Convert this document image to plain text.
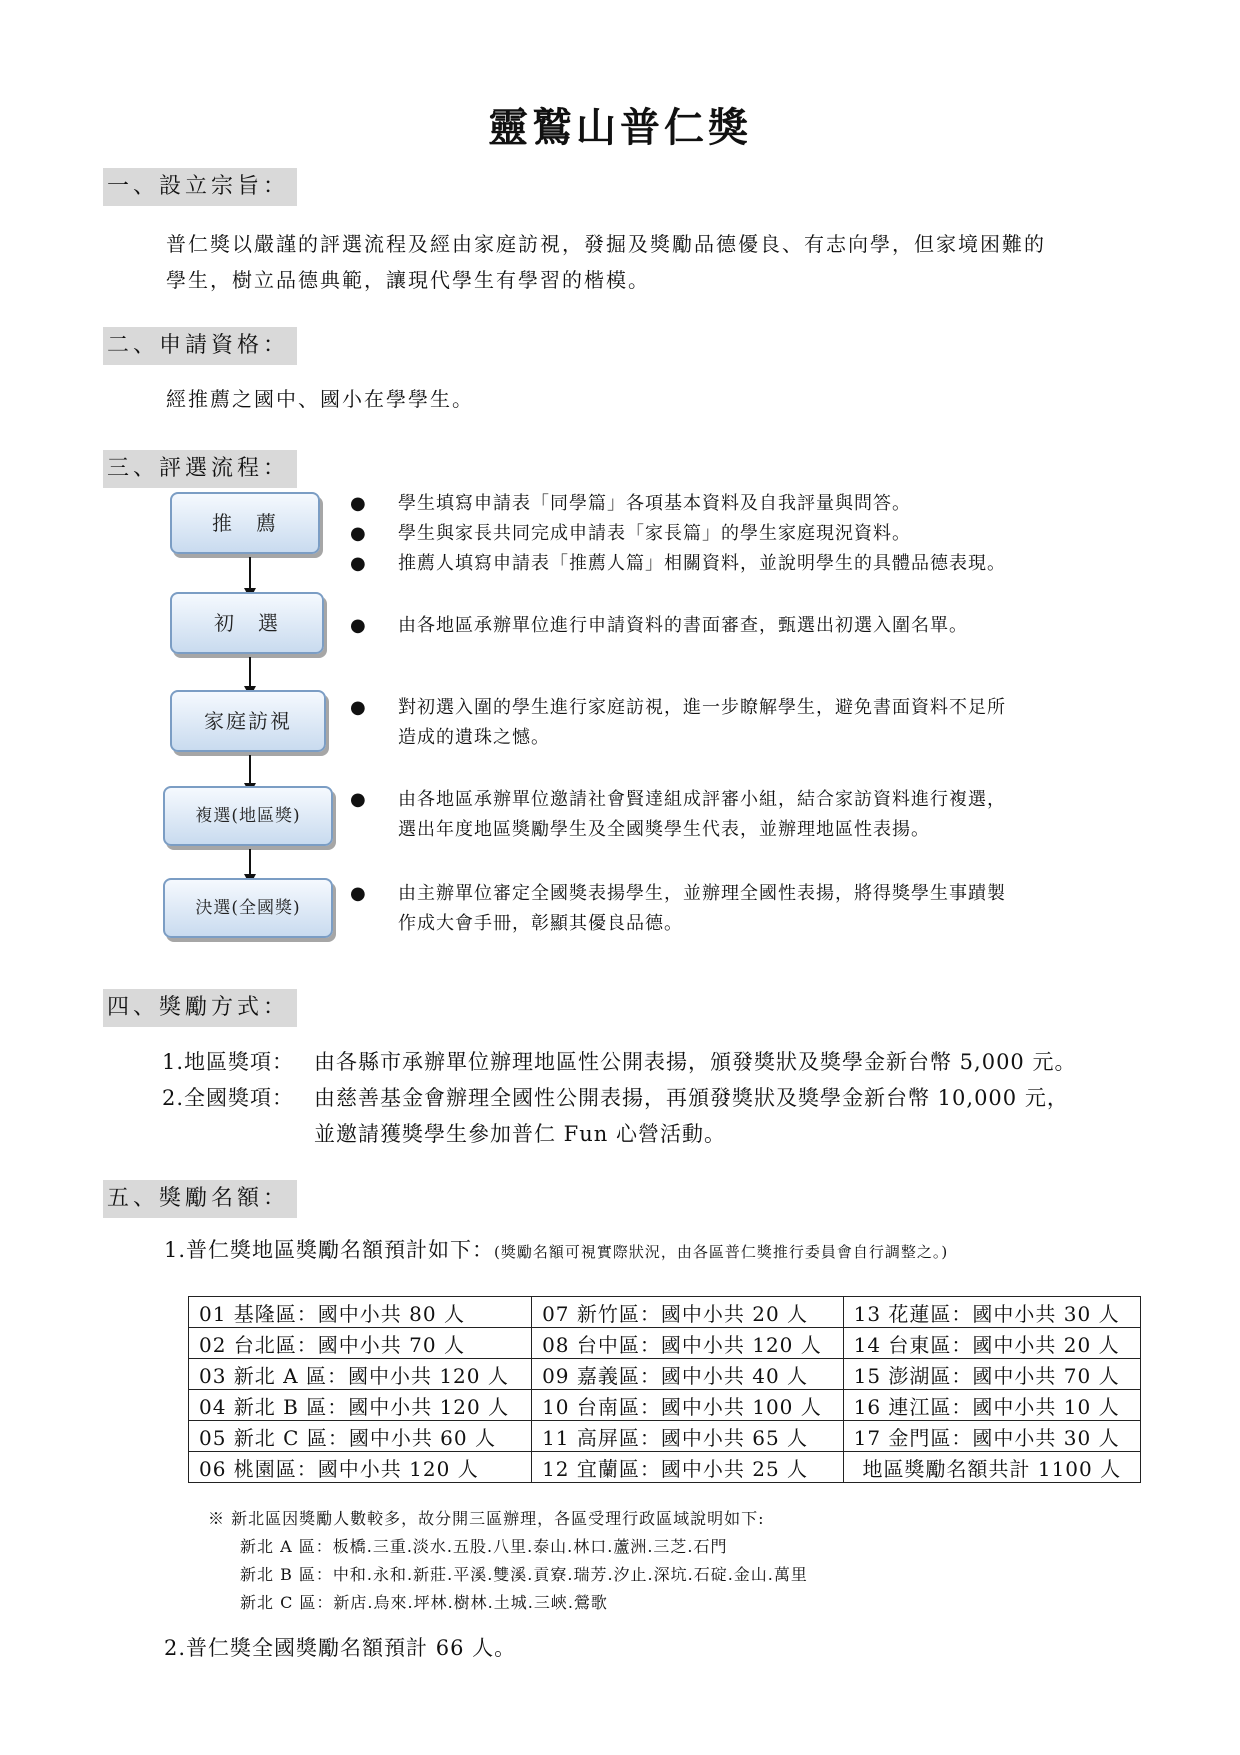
靈鷲山普仁獎
一、設立宗旨：

普仁獎以嚴謹的評選流程及經由家庭訪視，發掘及獎勵品德優良、有志向學，但家境困難的
學生，樹立品德典範，讓現代學生有學習的楷模。

二、申請資格：

經推薦之國中、國小在學學生。

三、評選流程：
推　薦
初　選
家庭訪視
複選(地區獎)
決選(全國獎)
●
●
●

學生填寫申請表「同學篇」各項基本資料及自我評量與問答。
學生與家長共同完成申請表「家長篇」的學生家庭現況資料。
推薦人填寫申請表「推薦人篇」相關資料，並說明學生的具體品德表現。

● 由各地區承辦單位進行申請資料的書面審查，甄選出初選入圍名單。

● 對初選入圍的學生進行家庭訪視，進一步瞭解學生，避免書面資料不足所
造成的遺珠之憾。

● 由各地區承辦單位邀請社會賢達組成評審小組，結合家訪資料進行複選，
選出年度地區獎勵學生及全國獎學生代表，並辦理地區性表揚。

● 由主辦單位審定全國獎表揚學生，並辦理全國性表揚，將得獎學生事蹟製
作成大會手冊，彰顯其優良品德。

四、獎勵方式：

1.地區獎項： 由各縣市承辦單位辦理地區性公開表揚，頒發獎狀及獎學金新台幣 5,000 元。

2.全國獎項： 由慈善基金會辦理全國性公開表揚，再頒發獎狀及獎學金新台幣 10,000 元，
並邀請獲獎學生參加普仁 Fun 心營活動。

五、獎勵名額：

1.普仁獎地區獎勵名額預計如下：(獎勵名額可視實際狀況，由各區普仁獎推行委員會自行調整之。)

01 基隆區：國中小共 80 人	07 新竹區：國中小共 20 人	13 花蓮區：國中小共 30 人
02 台北區：國中小共 70 人	08 台中區：國中小共 120 人	14 台東區：國中小共 20 人
03 新北 A 區：國中小共 120 人	09 嘉義區：國中小共 40 人	15 澎湖區：國中小共 70 人
04 新北 B 區：國中小共 120 人	10 台南區：國中小共 100 人	16 連江區：國中小共 10 人
05 新北 C 區：國中小共 60 人	11 高屏區：國中小共 65 人	17 金門區：國中小共 30 人
06 桃園區：國中小共 120 人	12 宜蘭區：國中小共 25 人	地區獎勵名額共計 1100 人

※ 新北區因獎勵人數較多，故分開三區辦理，各區受理行政區域說明如下:
新北 A 區：板橋.三重.淡水.五股.八里.泰山.林口.蘆洲.三芝.石門
新北 B 區：中和.永和.新莊.平溪.雙溪.貢寮.瑞芳.汐止.深坑.石碇.金山.萬里
新北 C 區：新店.烏來.坪林.樹林.土城.三峽.鶯歌

2.普仁獎全國獎勵名額預計 66 人。
